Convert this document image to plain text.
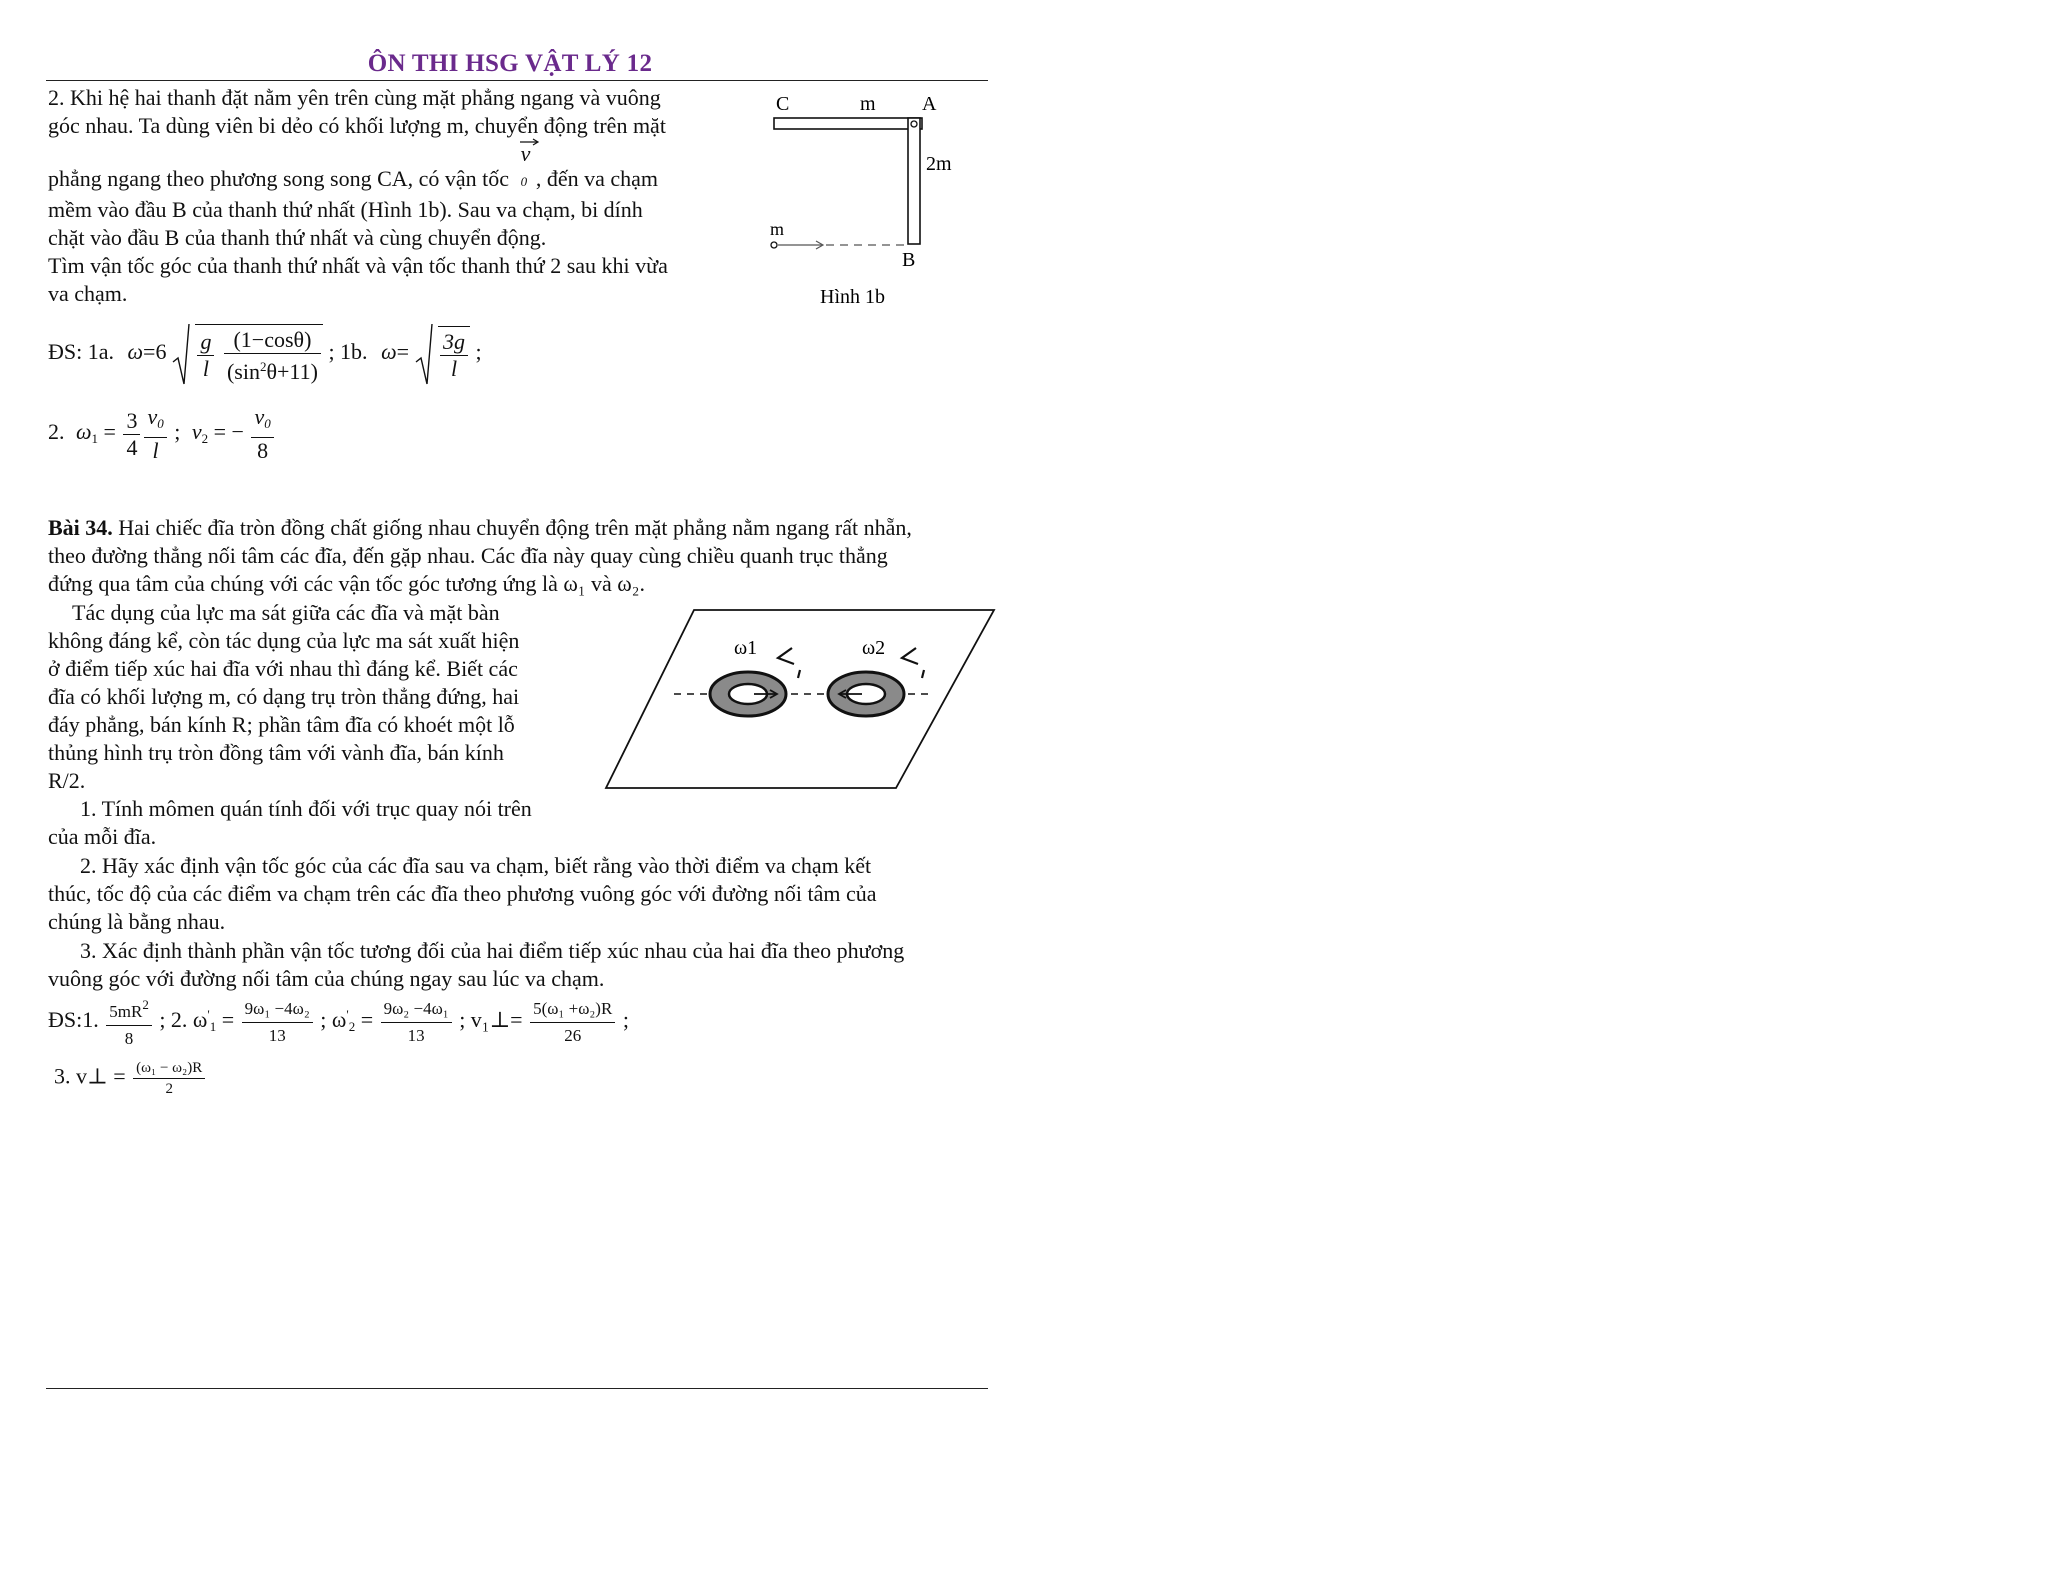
ÔN THI HSG VẬT LÝ 12
2. Khi hệ hai thanh đặt nằm yên trên cùng mặt phẳng ngang và vuông
góc nhau. Ta dùng viên bi dẻo có khối lượng m, chuyển động trên mặt
phẳng ngang theo phương song song CA, có vận tốc
v
0 , đến va chạm
mềm vào đầu B của thanh thứ nhất (Hình 1b). Sau va chạm, bi dính
chặt vào đầu B của thanh thứ nhất và cùng chuyển động.
Tìm vận tốc góc của thanh thứ nhất và vận tốc thanh thứ 2 sau khi vừa
va chạm.
C	m A
2m
m
B
Hình 1b
ĐS: 1a. $\omega=6 \frac{g}{l}$
$\frac{(1-\cos\theta)}{(\sin^2\theta+11)}$ ; 1b. $\omega= \frac{3g}{l}$ ;
2. $\omega_1 = \frac{3}{4} \frac{v_0}{l}$ ; $v_2$ = − $\frac{v_0}{8}$
Bài 34. Hai chiếc đĩa tròn đồng chất giống nhau chuyển động trên mặt phẳng nằm ngang rất nhẵn,
theo đường thẳng nối tâm các đĩa, đến gặp nhau. Các đĩa này quay cùng chiều quanh trục thẳng
đứng qua tâm của chúng với các vận tốc góc tương ứng là ω₁ và ω₂.
Tác dụng của lực ma sát giữa các đĩa và mặt bàn
không đáng kể, còn tác dụng của lực ma sát xuất hiện
ở điểm tiếp xúc hai đĩa với nhau thì đáng kể. Biết các
đĩa có khối lượng m, có dạng trụ tròn thẳng đứng, hai
đáy phẳng, bán kính R; phần tâm đĩa có khoét một lỗ
thủng hình trụ tròn đồng tâm với vành đĩa, bán kính
R/2.
1. Tính mômen quán tính đối với trục quay nói trên
của mỗi đĩa.
ω1	ω2
2. Hãy xác định vận tốc góc của các đĩa sau va chạm, biết rằng vào thời điểm va chạm kết
thúc, tốc độ của các điểm va chạm trên các đĩa theo phương vuông góc với đường nối tâm của
chúng là bằng nhau.
3. Xác định thành phần vận tốc tương đối của hai điểm tiếp xúc nhau của hai đĩa theo phương
vuông góc với đường nối tâm của chúng ngay sau lúc va chạm.
ĐS:1. $\frac{5mR^2}{8}$ ; 2. $\omega'_1 = \frac{\text{9ω₁ −4ω₂}}{13}$ ; $\omega'_2 = \frac{\text{9ω₂ −4ω₁}}{13}$ ; v₁⊥= $\frac{\text{5(ω₁ +ω₂)R}}{26}$ ;
3. v⊥ = $\frac{\text{(ω₁ − ω₂)R}}{2}$
